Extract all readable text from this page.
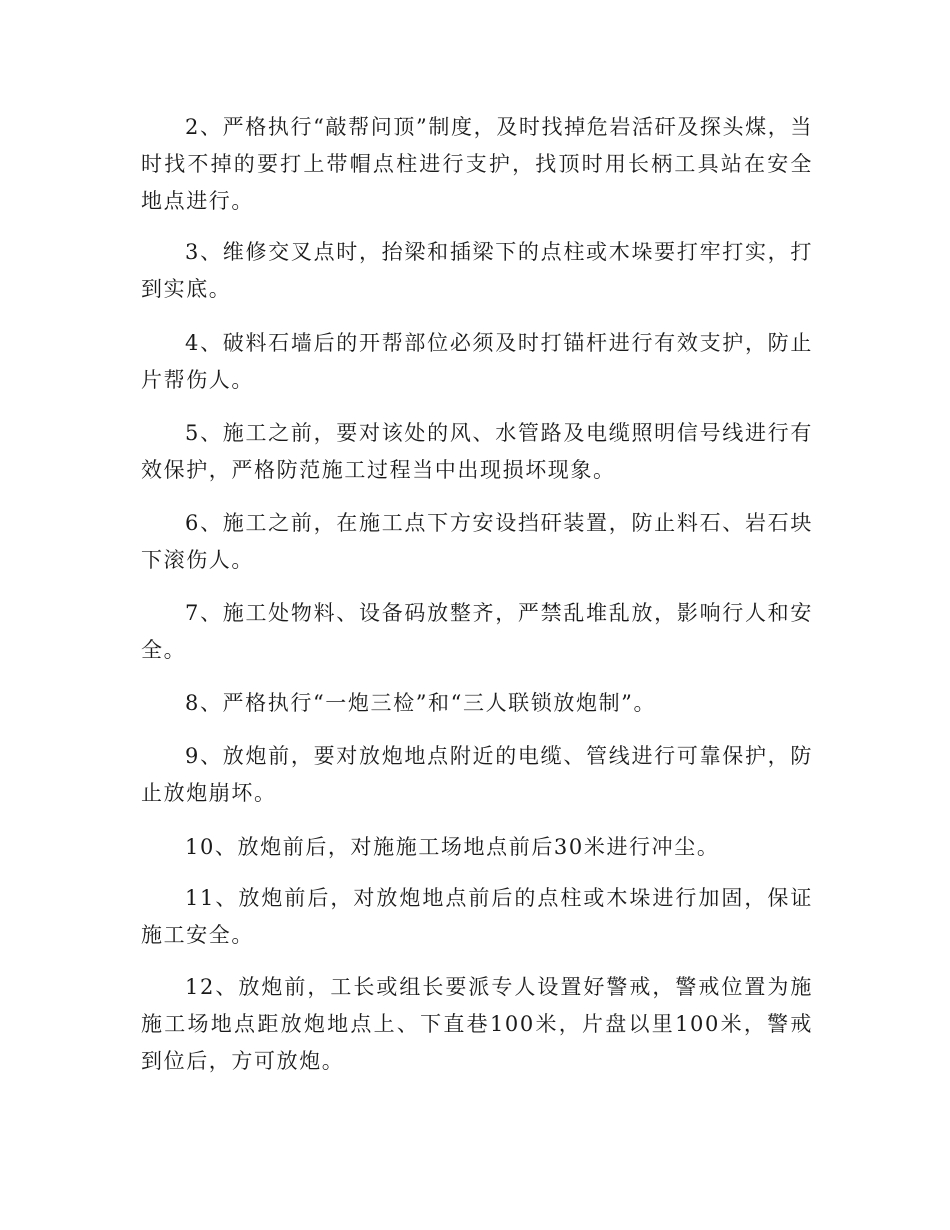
2、严格执行“敲帮问顶”制度，及时找掉危岩活矸及探头煤，当时找不掉的要打上带帽点柱进行支护，找顶时用长柄工具站在安全地点进行。

3、维修交叉点时，抬梁和插梁下的点柱或木垛要打牢打实，打到实底。

4、破料石墙后的开帮部位必须及时打锚杆进行有效支护，防止片帮伤人。

5、施工之前，要对该处的风、水管路及电缆照明信号线进行有效保护，严格防范施工过程当中出现损坏现象。

6、施工之前，在施工点下方安设挡矸装置，防止料石、岩石块下滚伤人。

7、施工处物料、设备码放整齐，严禁乱堆乱放，影响行人和安全。

8、严格执行“一炮三检”和“三人联锁放炮制”。

9、放炮前，要对放炮地点附近的电缆、管线进行可靠保护，防止放炮崩坏。

10、放炮前后，对施施工场地点前后30米进行冲尘。

11、放炮前后，对放炮地点前后的点柱或木垛进行加固，保证施工安全。

12、放炮前，工长或组长要派专人设置好警戒，警戒位置为施施工场地点距放炮地点上、下直巷100米，片盘以里100米，警戒到位后，方可放炮。
